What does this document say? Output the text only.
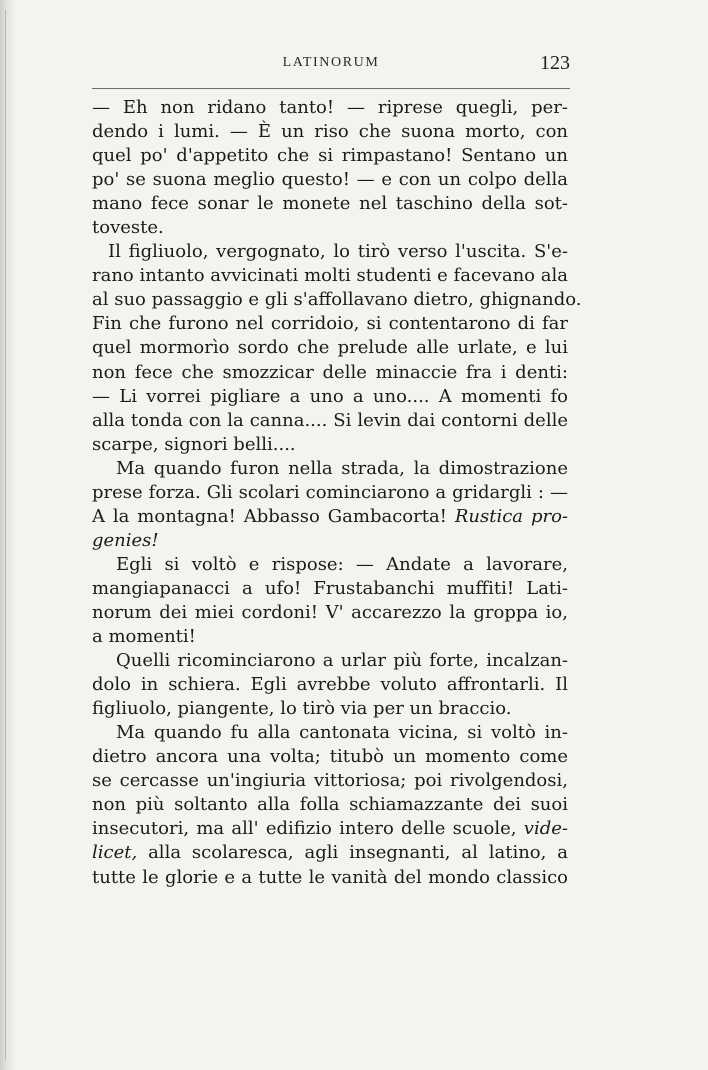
LATINORUM	123
— Eh non ridano tanto! — riprese quegli, per-
dendo i lumi. — È un riso che suona morto, con
quel po' d'appetito che si rimpastano! Sentano un
po' se suona meglio questo! — e con un colpo della
mano fece sonar le monete nel taschino della sot-
toveste.
Il figliuolo, vergognato, lo tirò verso l'uscita. S'e-
rano intanto avvicinati molti studenti e facevano ala
al suo passaggio e gli s'affollavano dietro, ghignando.
Fin che furono nel corridoio, si contentarono di far
quel mormorìo sordo che prelude alle urlate, e lui
non fece che smozzicar delle minaccie fra i denti:
— Li vorrei pigliare a uno a uno.... A momenti fo
alla tonda con la canna.... Si levin dai contorni delle
scarpe, signori belli....
Ma quando furon nella strada, la dimostrazione
prese forza. Gli scolari cominciarono a gridargli : —
A la montagna! Abbasso Gambacorta! Rustica pro-
genies!
Egli si voltò e rispose: — Andate a lavorare,
mangiapanacci a ufo! Frustabanchi muffiti! Lati-
norum dei miei cordoni! V' accarezzo la groppa io,
a momenti!
Quelli ricominciarono a urlar più forte, incalzan-
dolo in schiera. Egli avrebbe voluto affrontarli. Il
figliuolo, piangente, lo tirò via per un braccio.
Ma quando fu alla cantonata vicina, si voltò in-
dietro ancora una volta; titubò un momento come
se cercasse un'ingiuria vittoriosa; poi rivolgendosi,
non più soltanto alla folla schiamazzante dei suoi
insecutori, ma all' edifizio intero delle scuole, vide-
licet, alla scolaresca, agli insegnanti, al latino, a
tutte le glorie e a tutte le vanità del mondo classico
